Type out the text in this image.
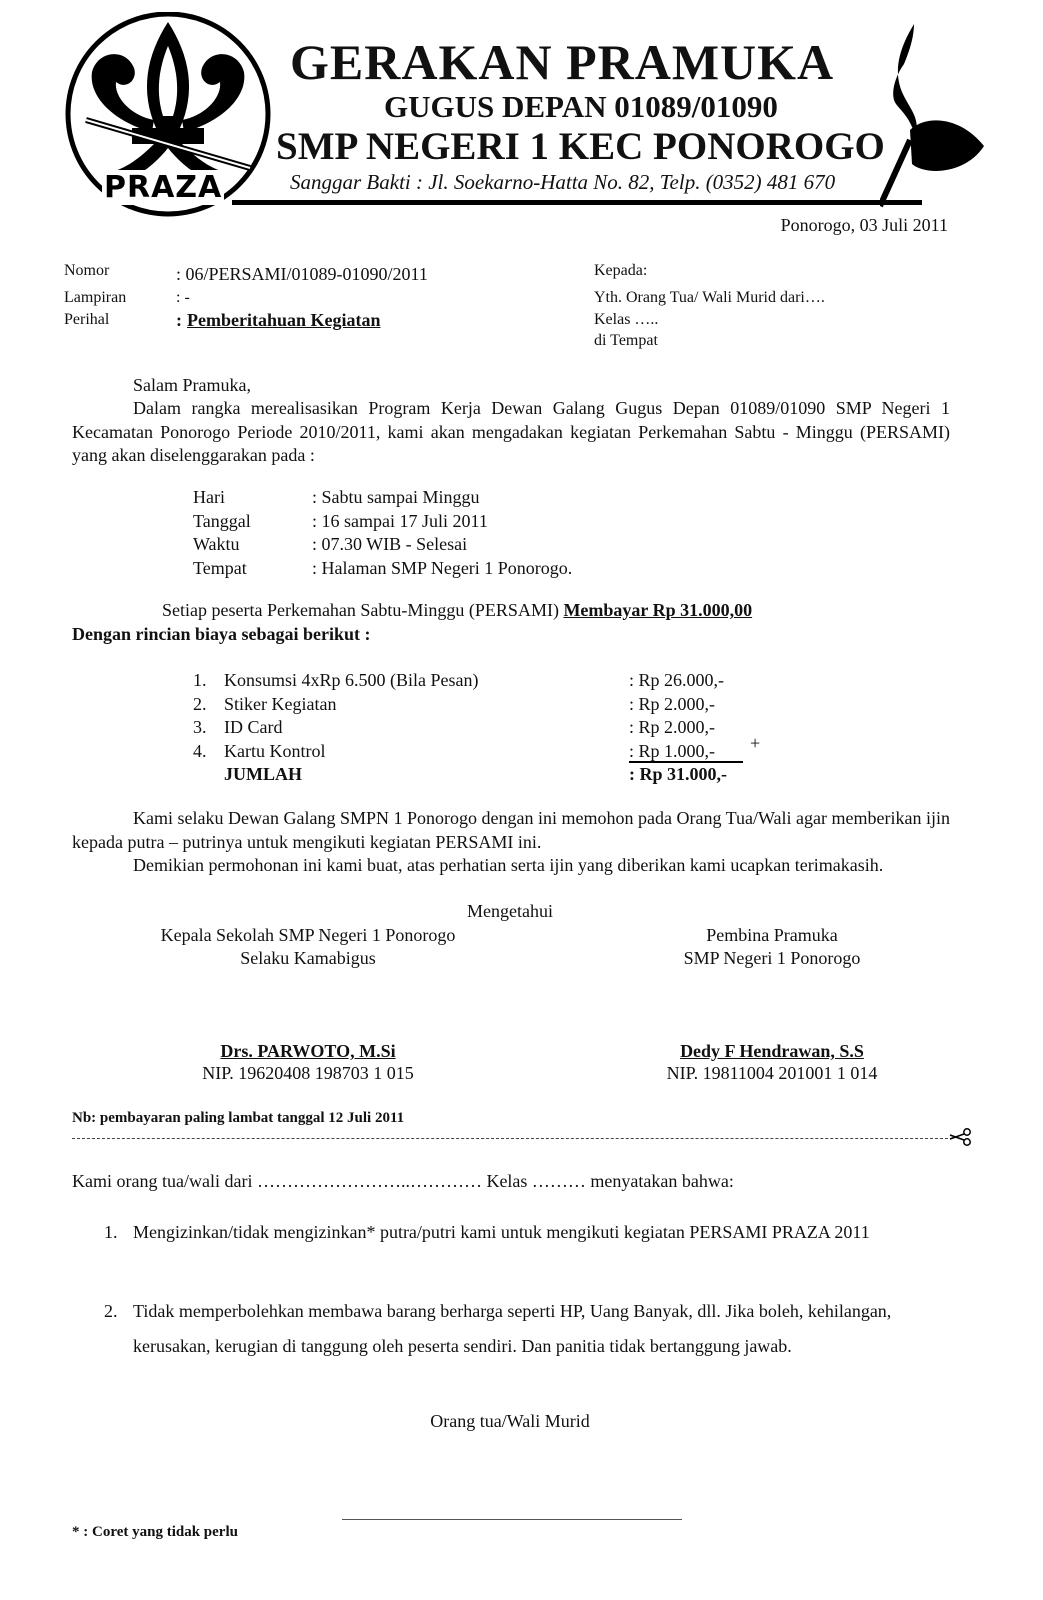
PRAZA
GERAKAN PRAMUKA
GUGUS DEPAN 01089/01090
SMP NEGERI 1 KEC PONOROGO
Sanggar Bakti : Jl. Soekarno-Hatta No. 82, Telp. (0352) 481 670
Ponorogo, 03 Juli 2011
Nomor	: 06/PERSAMI/01089-01090/2011
Lampiran	: -
Perihal	: Pemberitahuan Kegiatan
Kepada:
Yth. Orang Tua/ Wali Murid dari….
Kelas …..
di Tempat
Salam Pramuka,
Dalam rangka merealisasikan Program Kerja Dewan Galang Gugus Depan 01089/01090 SMP Negeri 1 Kecamatan Ponorogo Periode 2010/2011, kami akan mengadakan kegiatan Perkemahan Sabtu - Minggu (PERSAMI) yang akan diselenggarakan pada :
Hari	: Sabtu sampai Minggu
Tanggal	: 16 sampai 17 Juli 2011
Waktu	: 07.30 WIB - Selesai
Tempat	: Halaman SMP Negeri 1 Ponorogo.
Setiap peserta Perkemahan Sabtu-Minggu (PERSAMI) Membayar Rp 31.000,00
Dengan rincian biaya sebagai berikut :
1. Konsumsi 4xRp 6.500 (Bila Pesan)	: Rp 26.000,-
2. Stiker Kegiatan	: Rp 2.000,-
3. ID Card	: Rp 2.000,-
4. Kartu Kontrol	: Rp 1.000,- +
JUMLAH	: Rp 31.000,-
Kami selaku Dewan Galang SMPN 1 Ponorogo dengan ini memohon pada Orang Tua/Wali agar memberikan ijin kepada putra – putrinya untuk mengikuti kegiatan PERSAMI ini.
Demikian permohonan ini kami buat, atas perhatian serta ijin yang diberikan kami ucapkan terimakasih.
Mengetahui
Kepala Sekolah SMP Negeri 1 Ponorogo
Selaku Kamabigus
Pembina Pramuka
SMP Negeri 1 Ponorogo
Drs. PARWOTO, M.Si
NIP. 19620408 198703 1 015
Dedy F Hendrawan, S.S
NIP. 19811004 201001 1 014
Nb: pembayaran paling lambat tanggal 12 Juli 2011
Kami orang tua/wali dari ……………………..………… Kelas ……… menyatakan bahwa:
1. Mengizinkan/tidak mengizinkan* putra/putri kami untuk mengikuti kegiatan PERSAMI PRAZA 2011
2. Tidak memperbolehkan membawa barang berharga seperti HP, Uang Banyak, dll. Jika boleh, kehilangan, kerusakan, kerugian di tanggung oleh peserta sendiri. Dan panitia tidak bertanggung jawab.
Orang tua/Wali Murid
* : Coret yang tidak perlu
